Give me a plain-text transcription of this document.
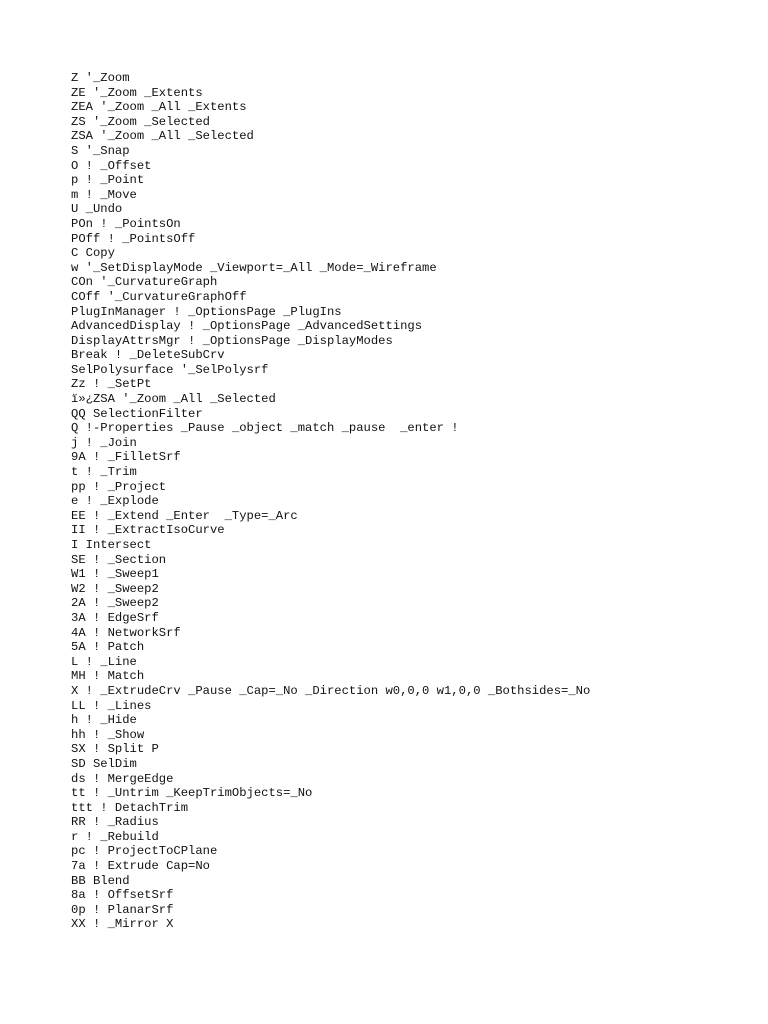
Z '_Zoom
ZE '_Zoom _Extents
ZEA '_Zoom _All _Extents
ZS '_Zoom _Selected
ZSA '_Zoom _All _Selected
S '_Snap
O ! _Offset
p ! _Point
m ! _Move
U _Undo
POn ! _PointsOn
POff ! _PointsOff
C Copy
w '_SetDisplayMode _Viewport=_All _Mode=_Wireframe
COn '_CurvatureGraph
COff '_CurvatureGraphOff
PlugInManager ! _OptionsPage _PlugIns
AdvancedDisplay ! _OptionsPage _AdvancedSettings
DisplayAttrsMgr ! _OptionsPage _DisplayModes
Break ! _DeleteSubCrv
SelPolysurface '_SelPolysrf
Zz ! _SetPt
ï»¿ZSA '_Zoom _All _Selected
QQ SelectionFilter
Q !-Properties _Pause _object _match _pause  _enter !
j ! _Join
9A ! _FilletSrf
t ! _Trim
pp ! _Project
e ! _Explode
EE ! _Extend _Enter  _Type=_Arc
II ! _ExtractIsoCurve
I Intersect
SE ! _Section
W1 ! _Sweep1
W2 ! _Sweep2
2A ! _Sweep2
3A ! EdgeSrf
4A ! NetworkSrf
5A ! Patch
L ! _Line
MH ! Match
X ! _ExtrudeCrv _Pause _Cap=_No _Direction w0,0,0 w1,0,0 _Bothsides=_No
LL ! _Lines
h ! _Hide
hh ! _Show
SX ! Split P
SD SelDim
ds ! MergeEdge
tt ! _Untrim _KeepTrimObjects=_No
ttt ! DetachTrim
RR ! _Radius
r ! _Rebuild
pc ! ProjectToCPlane
7a ! Extrude Cap=No
BB Blend
8a ! OffsetSrf
0p ! PlanarSrf
XX ! _Mirror X
